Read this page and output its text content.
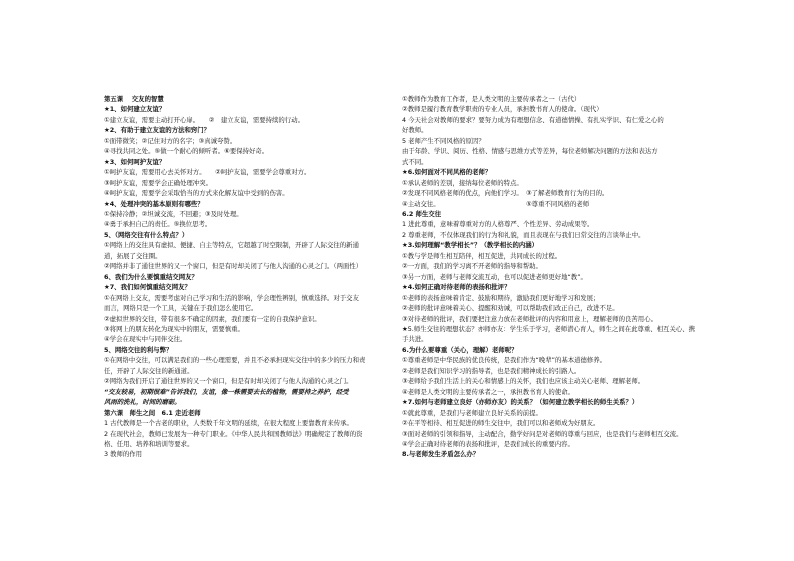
第五课　 交友的智慧
★1、如何建立友谊？
①建立友谊，需要主动打开心扉。　　②　建立友谊，需要持续的行动。
★2、有助于建立友谊的方法和窍门？
①面带微笑；②记住对方的名字；③真诚夸赞。
④寻找共同之处。⑤做一个耐心的倾听者。⑥要保持好奇。
★3、如何呵护友谊？
①呵护友谊，需要用心去关怀对方。　　②呵护友谊，需要学会尊重对方。
③呵护友谊，需要学会正确处理冲突。
④呵护友谊，需要学会采取恰当的方式来化解友谊中受到的伤害。
★4、处理冲突的基本原则有哪些？
①保持冷静；②坦诚交流，不回避；③及时处理。
④勇于承担自己的责任。⑤换位思考。
5、（网络交往有什么特点？）
①网络上的交往具有虚拟、便捷、自主等特点，它超越了时空限制，开辟了人际交往的新通
道，拓展了交往圈。
②网络并非了通往世界的又一个窗口，但是有时却关闭了与他人沟通的心灵之门。（两面性）
6、我们为什么要慎重结交网友？
★7、我们如何慎重结交网友？
①在网络上交友，需要考虑对自己学习和生活的影响，学会理性辨别，慎重选择。对于交友
而言，网络只是一个工具，关键在于我们怎么使用它。
②虚拟世界的交往，带有很多不确定的因素，我们要有一定的自我保护意识。
③将网上的朋友转化为现实中的朋友，需要慎重。
④学会在现实中与同伴交往。
5、网络交往的利与弊？
①在网络中交往，可以满足我们的一些心理需要，并且不必承担现实交往中的多少的压力和责
任，开辟了人际交往的新通道。
②网络为我们开启了通往世界的又一个窗口，但是有时却关闭了与他人沟通的心灵之门。
“交友较易，初期很难”告诉我们，友谊，像一株需要去长的植物，需要持之养护，经受
风雨的洗礼，时间的磨砺。
第六课　师生之间　6.1 走近老师
1 古代教师是一个古老的职业，人类数千年文明的延续，在很大程度上要靠教育来传承。
2 在现代社会，教师已发展为一种专门职业。《中华人民共和国教师法》明确规定了教师的资
格、任用、培养和培训等要求。
3 教师的作用
①教师作为教育工作者，是人类文明的主要传承者之一（古代）
②教师是履行教育教学职责的专业人员，承担教书育人的使命。（现代）
4 今天社会对教师的要求？要努力成为有理想信念、有道德情操、有扎实学识、有仁爱之心的
好教师。
5 老师产生不同风格的原因？
由于年龄、学识、阅历、性格、情感与思维方式等差异，每位老师解决问题的方法和表达方
式不同。
★6.如何面对不同风格的老师？
①承认老师的差别，接纳每位老师的特点。
②发现不同风格老师的优点，向他们学习。　③了解老师教育行为的目的。
④主动交往。　　　　　　　　　　　　　　⑤尊重不同风格的老师
6.2 师生交往
1 进此尊重，意味着尊重对方的人格尊严、个性差异、劳动成果等。
2 尊重老师，不仅体现我们的行为和礼貌，而且表现在与我们日常交往的言谈举止中。
★3.如何理解“教学相长”？（教学相长的内涵）
①教与学是师生相互陪伴，相互促进，共同成长的过程。
②一方面，我们的学习离不开老师的指导和帮助。
③另一方面，老师与老师交流互动，也可以促进老师更好地“教”。
★4.如何正确对待老师的表扬和批评？
①老师的表扬意味着肯定、鼓励和期待，激励我们更好地学习和发展；
②老师的批评意味着关心、提醒和劝诫，可以帮助我们改正自己，改进不足。
③对待老师的批评，我们要把注意力放在老师批评的内容和用意上，理解老师的良苦用心。
★5.师生交往的理想状态？亦师亦友：学生乐于学习，老师潜心育人，师生之间在此尊重、相互关心、携
手共进。
6.为什么要尊重（关心，理解）老师呢？
①尊重老师是中华民族的优良传统，是我们作为“晚辈”的基本道德修养。
②老师是我们知识学习的指导者，也是我们精神成长的引路人。
③老师给予我们生活上的关心和情感上的关怀，我们也应该主动关心老师、理解老师。
④老师是人类文明的主要传承者之一，承担教书育人的使命。
★7.如何与老师建立良好（亦师亦友）的关系？（如何建立教学相长的师生关系？）
①就此尊重，是我们与老师建立良好关系的前提。
②在平等相待、相互促进的师生交往中，我们可以和老师成为好朋友。
③面对老师的引领和指导，主动配合，勤学好问是对老师的尊重与回应，也是我们与老师相互交流。
④学会正确对待老师的表扬和批评，是我们成长的重要内容。
8.与老师发生矛盾怎么办？
